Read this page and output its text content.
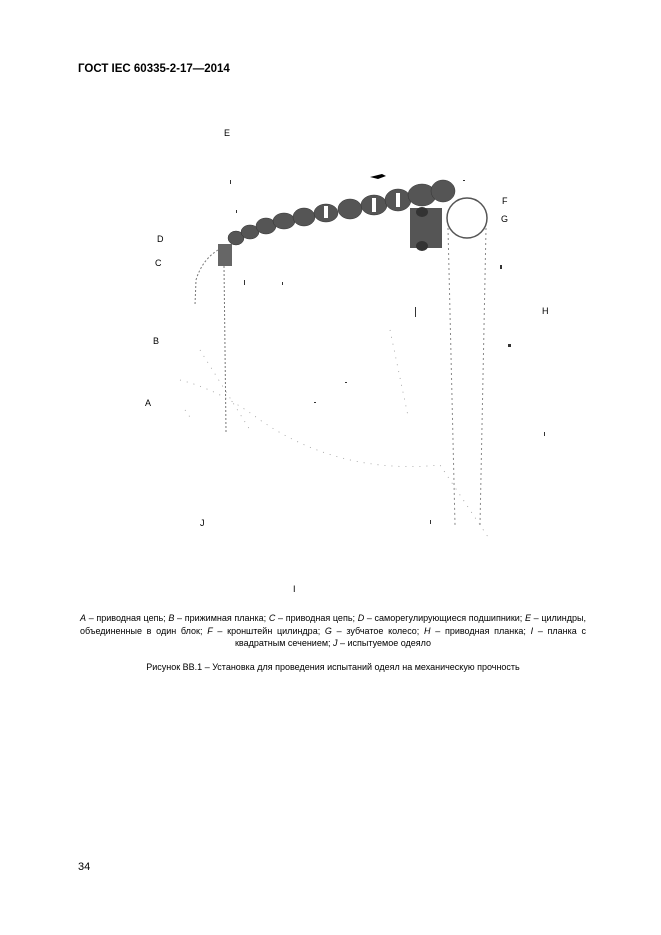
ГОСТ IEC 60335-2-17—2014
E
F
G
D
C
H
B
A
J
I
A – приводная цепь; B – прижимная планка; C – приводная цепь; D – саморегулирующиеся подшипники; E – цилиндры, объединенные в один блок; F – кронштейн цилиндра; G – зубчатое колесо; H – приводная планка; I – планка с квадратным сечением; J – испытуемое одеяло
Рисунок ВВ.1 – Установка для проведения испытаний одеял на механическую прочность
34
